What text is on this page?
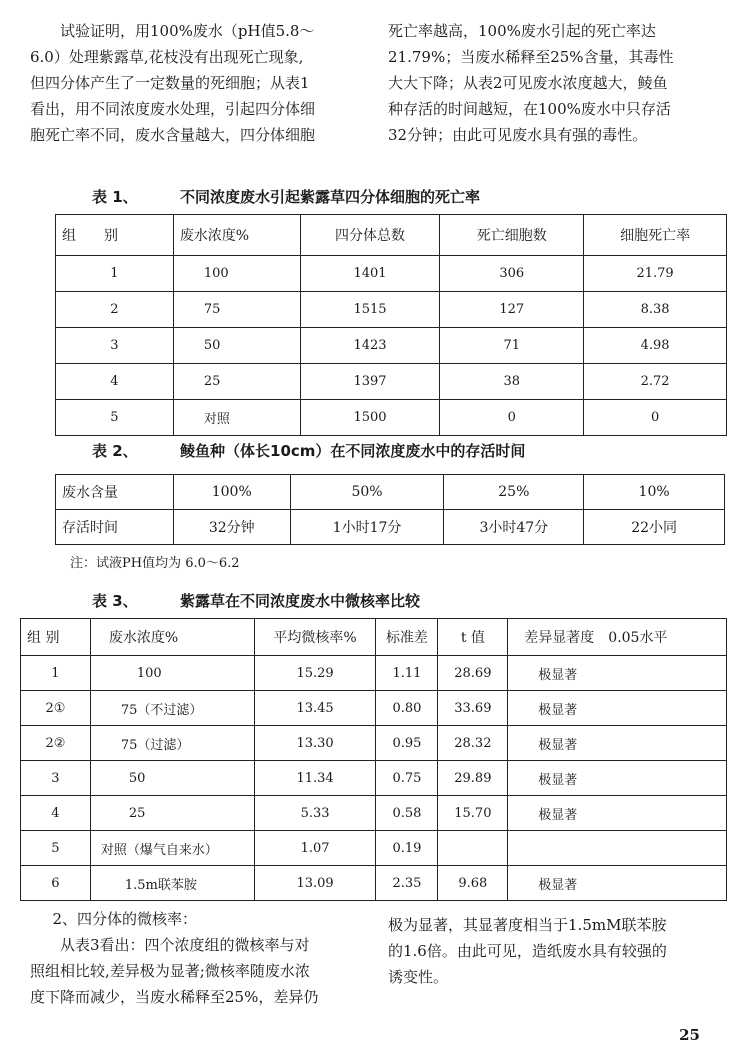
试验证明，用100%废水（pH值5.8～

6.0）处理紫露草,花枝没有出现死亡现象,

但四分体产生了一定数量的死细胞；从表1

看出，用不同浓度废水处理，引起四分体细

胞死亡率不同，废水含量越大，四分体细胞

死亡率越高，100%废水引起的死亡率达

21.79%；当废水稀释至25%含量，其毒性

大大下降；从表2可见废水浓度越大，鲮鱼

种存活的时间越短，在100%废水中只存活

32分钟；由此可见废水具有强的毒性。

表 1、	不同浓度废水引起紫露草四分体细胞的死亡率
组　　别	废水浓度%	四分体总数	死亡细胞数	细胞死亡率
1	100	1401	306	21.79
2	75	1515	127	8.38
3	50	1423	71	4.98
4	25	1397	38	2.72
5	对照	1500	0	0
表 2、	鲮鱼种（体长10cm）在不同浓度废水中的存活时间
废水含量	100%	50%	25%	10%
存活时间	32分钟	1小时17分	3小时47分	22小同
注：试液PH值均为 6.0～6.2
表 3、	紫露草在不同浓度废水中微核率比较
组 别	废水浓度%	平均微核率%	标准差	t 值	差异显著度　0.05水平
1	100	15.29	1.11	28.69	极显著
2①	75（不过滤）	13.45	0.80	33.69	极显著
2②	75（过滤）	13.30	0.95	28.32	极显著
3	50	11.34	0.75	29.89	极显著
4	25	5.33	0.58	15.70	极显著
5	对照（爆气自来水）	1.07	0.19		
6	1.5m联苯胺	13.09	2.35	9.68	极显著

2、四分体的微核率：

从表3看出：四个浓度组的微核率与对

照组相比较,差异极为显著;微核率随废水浓

度下降而减少，当废水稀释至25%，差异仍

极为显著，其显著度相当于1.5mM联苯胺

的1.6倍。由此可见，造纸废水具有较强的

诱变性。

25
